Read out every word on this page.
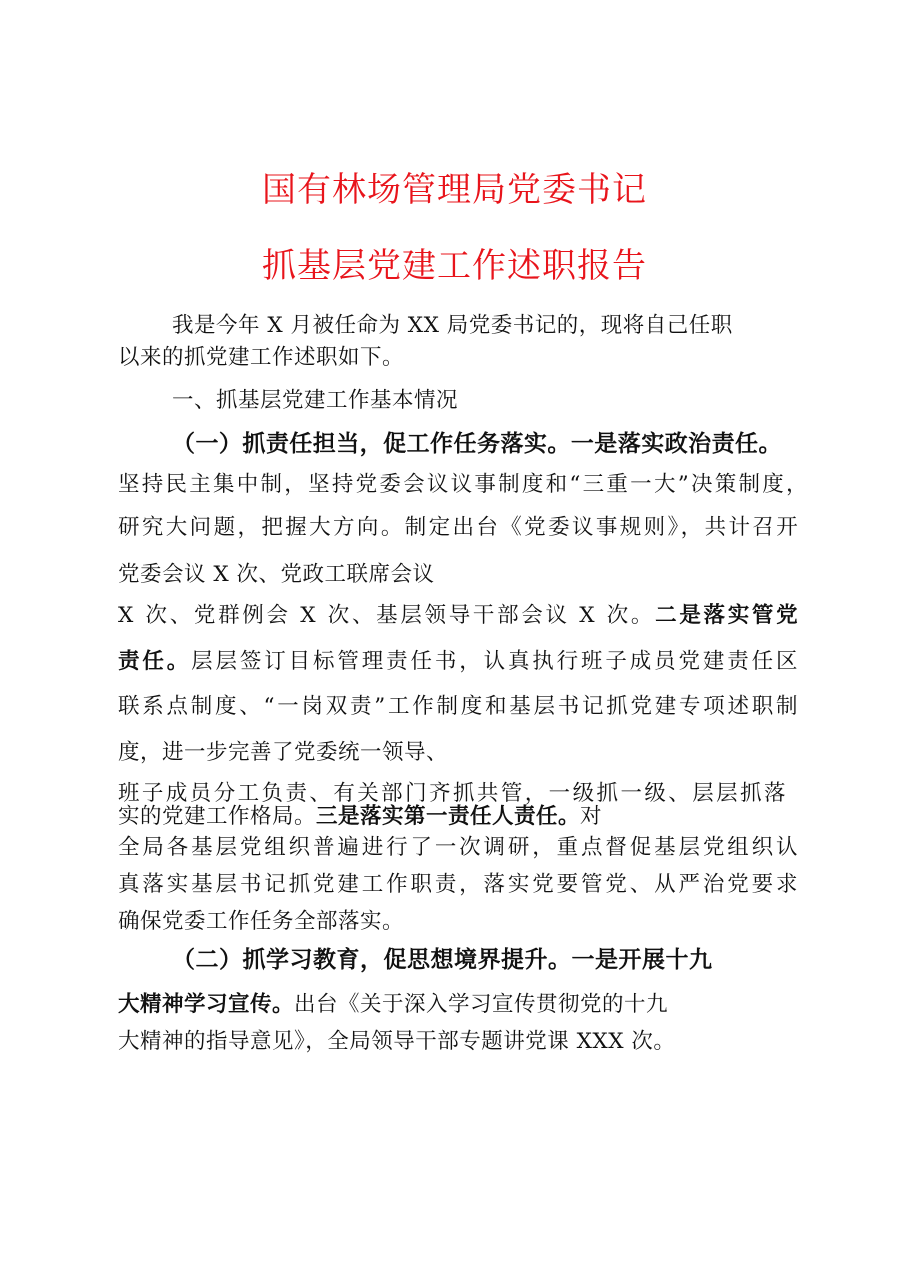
国有林场管理局党委书记
抓基层党建工作述职报告
我是今年 X 月被任命为 XX 局党委书记的，现将自己任职
以来的抓党建工作述职如下。
一、抓基层党建工作基本情况
（一）抓责任担当，促工作任务落实。一是落实政治责任。
坚持民主集中制，坚持党委会议议事制度和“三重一大”决策制度，
研究大问题，把握大方向。制定出台《党委议事规则》，共计召开
党委会议 X 次、党政工联席会议
X 次、党群例会 X 次、基层领导干部会议 X 次。二是落实管党
责任。层层签订目标管理责任书，认真执行班子成员党建责任区
联系点制度、“一岗双责”工作制度和基层书记抓党建专项述职制
度，进一步完善了党委统一领导、
班子成员分工负责、有关部门齐抓共管，一级抓一级、层层抓落
实的党建工作格局。三是落实第一责任人责任。对
全局各基层党组织普遍进行了一次调研，重点督促基层党组织认
真落实基层书记抓党建工作职责，落实党要管党、从严治党要求
确保党委工作任务全部落实。
（二）抓学习教育，促思想境界提升。一是开展十九
大精神学习宣传。出台《关于深入学习宣传贯彻党的十九
大精神的指导意见》，全局领导干部专题讲党课 XXX 次。
